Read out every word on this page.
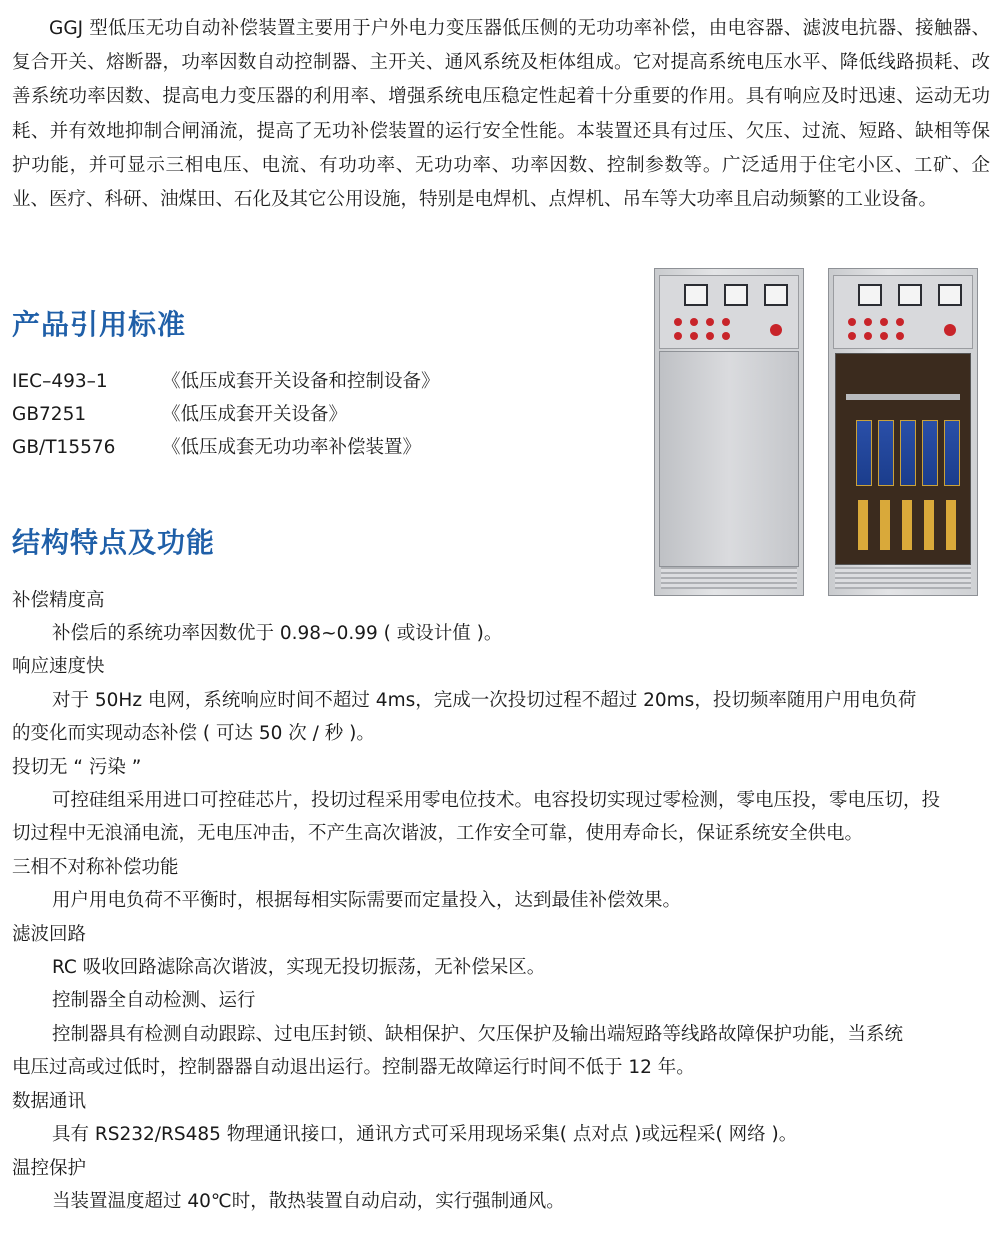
GGJ 型低压无功自动补偿装置主要用于户外电力变压器低压侧的无功功率补偿，由电容器、滤波电抗器、接触器、复合开关、熔断器，功率因数自动控制器、主开关、通风系统及柜体组成。它对提高系统电压水平、降低线路损耗、改善系统功率因数、提高电力变压器的利用率、增强系统电压稳定性起着十分重要的作用。具有响应及时迅速、运动无功耗、并有效地抑制合闸涌流，提高了无功补偿装置的运行安全性能。本装置还具有过压、欠压、过流、短路、缺相等保护功能，并可显示三相电压、电流、有功功率、无功功率、功率因数、控制参数等。广泛适用于住宅小区、工矿、企业、医疗、科研、油煤田、石化及其它公用设施，特别是电焊机、点焊机、吊车等大功率且启动频繁的工业设备。

产品引用标准
IEC–493–1	《低压成套开关设备和控制设备》
GB7251	《低压成套开关设备》
GB/T15576	《低压成套无功功率补偿装置》
结构特点及功能
补偿精度高
补偿后的系统功率因数优于 0.98~0.99 ( 或设计值 )。
响应速度快
对于 50Hz 电网，系统响应时间不超过 4ms，完成一次投切过程不超过 20ms，投切频率随用户用电负荷
的变化而实现动态补偿 ( 可达 50 次 / 秒 )。
投切无 “ 污染 ”
可控硅组采用进口可控硅芯片，投切过程采用零电位技术。电容投切实现过零检测，零电压投，零电压切，投
切过程中无浪涌电流，无电压冲击，不产生高次谐波，工作安全可靠，使用寿命长，保证系统安全供电。
三相不对称补偿功能
用户用电负荷不平衡时，根据每相实际需要而定量投入，达到最佳补偿效果。
滤波回路
RC 吸收回路滤除高次谐波，实现无投切振荡，无补偿呆区。
控制器全自动检测、运行
控制器具有检测自动跟踪、过电压封锁、缺相保护、欠压保护及输出端短路等线路故障保护功能，当系统
电压过高或过低时，控制器器自动退出运行。控制器无故障运行时间不低于 12 年。
数据通讯
具有 RS232/RS485 物理通讯接口，通讯方式可采用现场采集( 点对点 )或远程采( 网络 )。
温控保护
当装置温度超过 40℃时，散热装置自动启动，实行强制通风。
